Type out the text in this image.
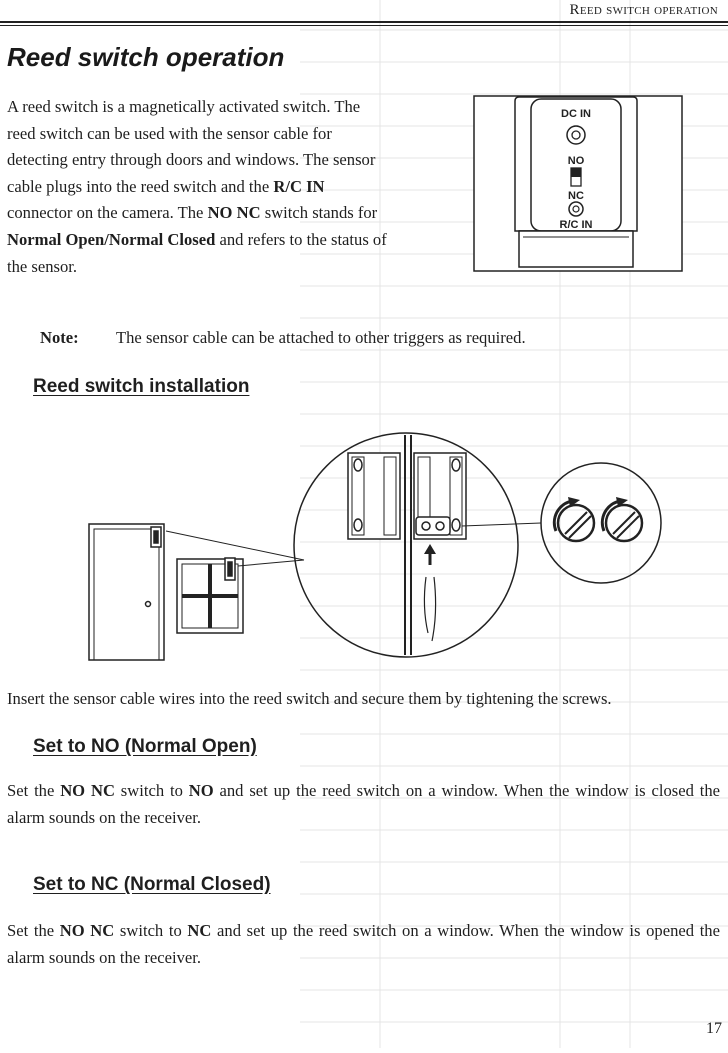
Reed switch operation
Reed switch operation

A reed switch is a magnetically activated switch. The reed switch can be used with the sensor cable for detecting entry through doors and windows. The sensor cable plugs into the reed switch and the R/C IN connector on the camera. The NO NC switch stands for Normal Open/Normal Closed and refers to the status of the sensor.

DC IN
NO
NC
R/C IN

Note: The sensor cable can be attached to other triggers as required.

Reed switch installation

Insert the sensor cable wires into the reed switch and secure them by tightening the screws.

Set to NO (Normal Open)

Set the NO NC switch to NO and set up the reed switch on a window. When the window is closed the alarm sounds on the receiver.

Set to NC (Normal Closed)

Set the NO NC switch to NC and set up the reed switch on a window. When the window is opened the alarm sounds on the receiver.

17
